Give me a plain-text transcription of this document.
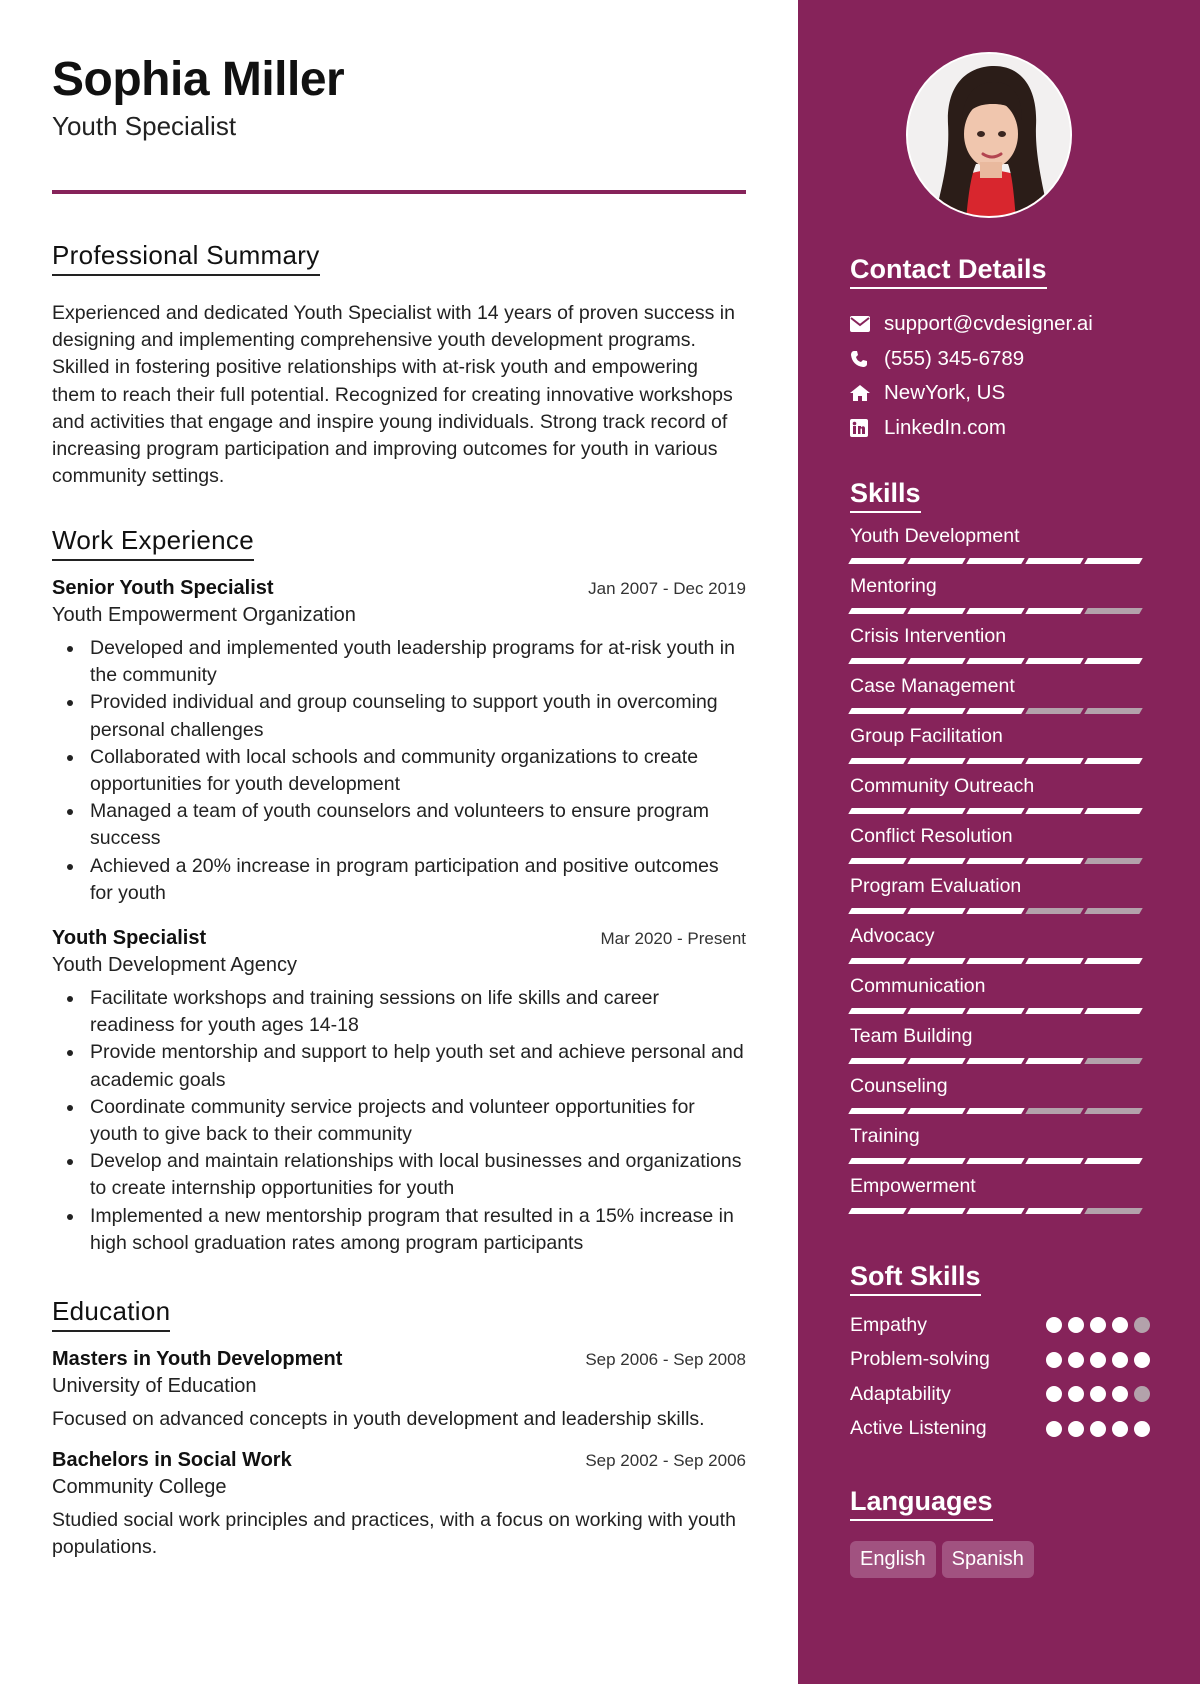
Sophia Miller
Youth Specialist
Professional Summary

Experienced and dedicated Youth Specialist with 14 years of proven success in designing and implementing comprehensive youth development programs. Skilled in fostering positive relationships with at-risk youth and empowering them to reach their full potential. Recognized for creating innovative workshops and activities that engage and inspire young individuals. Strong track record of increasing program participation and improving outcomes for youth in various community settings.

Work Experience
Senior Youth Specialist	Jan 2007 - Dec 2019
Youth Empowerment Organization
Developed and implemented youth leadership programs for at-risk youth in the community
Provided individual and group counseling to support youth in overcoming personal challenges
Collaborated with local schools and community organizations to create opportunities for youth development
Managed a team of youth counselors and volunteers to ensure program success
Achieved a 20% increase in program participation and positive outcomes for youth
Youth Specialist	Mar 2020 - Present
Youth Development Agency
Facilitate workshops and training sessions on life skills and career readiness for youth ages 14-18
Provide mentorship and support to help youth set and achieve personal and academic goals
Coordinate community service projects and volunteer opportunities for youth to give back to their community
Develop and maintain relationships with local businesses and organizations to create internship opportunities for youth
Implemented a new mentorship program that resulted in a 15% increase in high school graduation rates among program participants
Education
Masters in Youth Development	Sep 2006 - Sep 2008
University of Education

Focused on advanced concepts in youth development and leadership skills.

Bachelors in Social Work	Sep 2002 - Sep 2006
Community College

Studied social work principles and practices, with a focus on working with youth populations.

Contact Details
support@cvdesigner.ai
(555) 345-6789
NewYork, US
LinkedIn.com
Skills
Youth Development
Mentoring
Crisis Intervention
Case Management
Group Facilitation
Community Outreach
Conflict Resolution
Program Evaluation
Advocacy
Communication
Team Building
Counseling
Training
Empowerment
Soft Skills
Empathy
Problem-solving
Adaptability
Active Listening
Languages
English	Spanish
